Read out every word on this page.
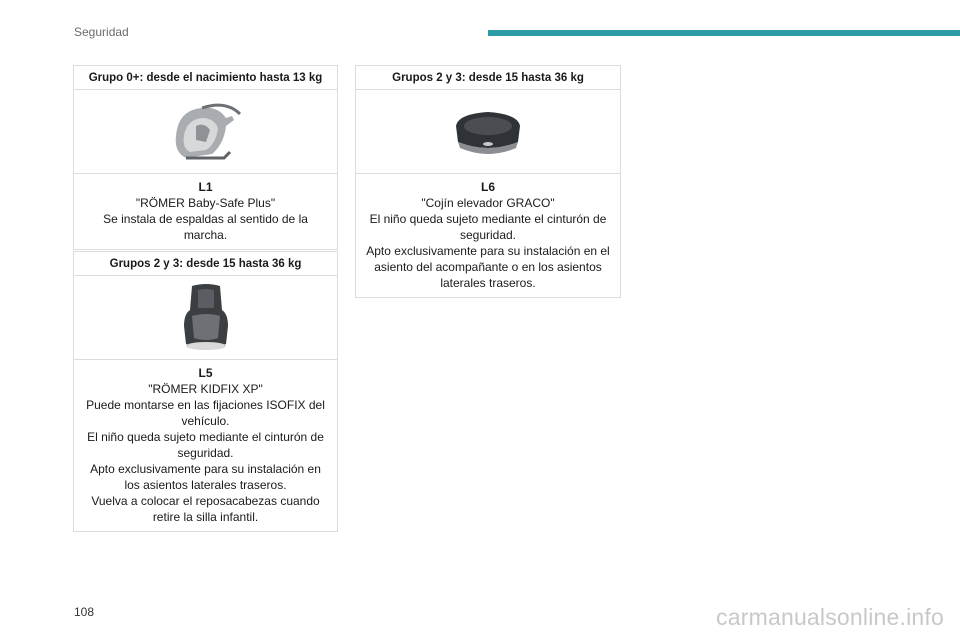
Seguridad
Grupo 0+: desde el nacimiento hasta 13 kg
L1
"RÖMER Baby-Safe Plus"
Se instala de espaldas al sentido de la marcha.
Grupos 2 y 3: desde 15 hasta 36 kg
L5
"RÖMER KIDFIX XP"
Puede montarse en las fijaciones ISOFIX del vehículo.
El niño queda sujeto mediante el cinturón de seguridad.
Apto exclusivamente para su instalación en los asientos laterales traseros.
Vuelva a colocar el reposacabezas cuando retire la silla infantil.
Grupos 2 y 3: desde 15 hasta 36 kg
L6
"Cojín elevador GRACO"
El niño queda sujeto mediante el cinturón de seguridad.
Apto exclusivamente para su instalación en el asiento del acompañante o en los asientos laterales traseros.
108	carmanualsonline.info
